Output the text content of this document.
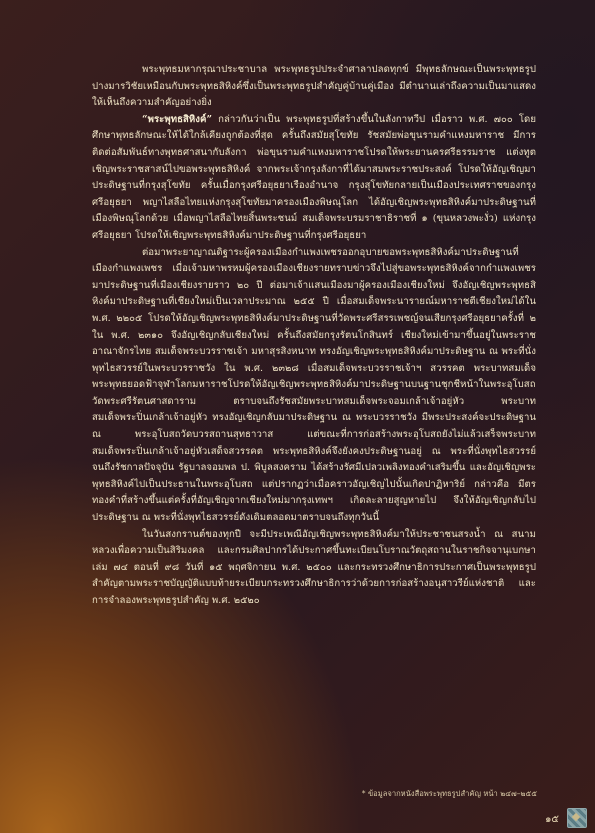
พระพุทธมหากรุณาประชาบาล พระพุทธรูปประจำศาลาปลดทุกข์ มีพุทธลักษณะเป็นพระพุทธรูปปางมารวิชัยเหมือนกับพระพุทธสิหิงค์ซึ่งเป็นพระพุทธรูปสำคัญคู่บ้านคู่เมือง มีตำนานเล่าถึงความเป็นมาแสดงให้เห็นถึงความสำคัญอย่างยิ่ง

“พระพุทธสิหิงค์” กล่าวกันว่าเป็น พระพุทธรูปที่สร้างขึ้นในลังกาทวีป เมื่อราว พ.ศ. ๗๐๐ โดยศึกษาพุทธลักษณะให้ได้ใกล้เคียงถูกต้องที่สุด ครั้นถึงสมัยสุโขทัย รัชสมัยพ่อขุนรามคำแหงมหาราช มีการติดต่อสัมพันธ์ทางพุทธศาสนากับลังกา พ่อขุนรามคำแหงมหาราชโปรดให้พระยานครศรีธรรมราช แต่งทูตเชิญพระราชสาสน์ไปขอพระพุทธสิหิงค์ จากพระเจ้ากรุงลังกาที่ได้มาสมพระราชประสงค์ โปรดให้อัญเชิญมาประดิษฐานที่กรุงสุโขทัย ครั้นเมื่อกรุงศรีอยุธยาเรืองอำนาจ กรุงสุโขทัยกลายเป็นเมืองประเทศราชของกรุงศรีอยุธยา พญาไสลือไทยแห่งกรุงสุโขทัยมาครองเมืองพิษณุโลก ได้อัญเชิญพระพุทธสิหิงค์มาประดิษฐานที่เมืองพิษณุโลกด้วย เมื่อพญาไสลือไทยสิ้นพระชนม์ สมเด็จพระบรมราชาธิราชที่ ๑ (ขุนหลวงพะงั่ว) แห่งกรุงศรีอยุธยา โปรดให้เชิญพระพุทธสิหิงค์มาประดิษฐานที่กรุงศรีอยุธยา

ต่อมาพระยาญาณดิฐาระผู้ครองเมืองกำแพงเพชรออกอุบายขอพระพุทธสิหิงค์มาประดิษฐานที่เมืองกำแพงเพชร เมื่อเจ้ามหาพรหมผู้ครองเมืองเชียงรายทราบข่าวจึงไปสู่ขอพระพุทธสิหิงค์จากกำแพงเพชรมาประดิษฐานที่เมืองเชียงรายราว ๒๐ ปี ต่อมาเจ้าแสนเมืองมาผู้ครองเมืองเชียงใหม่ จึงอัญเชิญพระพุทธสิหิงค์มาประดิษฐานที่เชียงใหม่เป็นเวลาประมาณ ๒๕๕ ปี เมื่อสมเด็จพระนารายณ์มหาราชตีเชียงใหม่ได้ใน พ.ศ. ๒๒๐๕ โปรดให้อัญเชิญพระพุทธสิหิงค์มาประดิษฐานที่วัดพระศรีสรรเพชญ์จนเสียกรุงศรีอยุธยาครั้งที่ ๒ ใน พ.ศ. ๒๓๑๐ จึงอัญเชิญกลับเชียงใหม่ ครั้นถึงสมัยกรุงรัตนโกสินทร์ เชียงใหม่เข้ามาขึ้นอยู่ในพระราชอาณาจักรไทย สมเด็จพระบวรราชเจ้า มหาสุรสิงหนาท ทรงอัญเชิญพระพุทธสิหิงค์มาประดิษฐาน ณ พระที่นั่งพุทไธสวรรย์ในพระบวรราชวัง ใน พ.ศ. ๒๓๒๘ เมื่อสมเด็จพระบวรราชเจ้าฯ สวรรคต พระบาทสมเด็จพระพุทธยอดฟ้าจุฬาโลกมหาราชโปรดให้อัญเชิญพระพุทธสิหิงค์มาประดิษฐานบนฐานชุกชีหน้าในพระอุโบสถวัดพระศรีรัตนศาสดาราม ตราบจนถึงรัชสมัยพระบาทสมเด็จพระจอมเกล้าเจ้าอยู่หัว พระบาทสมเด็จพระปิ่นเกล้าเจ้าอยู่หัว ทรงอัญเชิญกลับมาประดิษฐาน ณ พระบวรราชวัง มีพระประสงค์จะประดิษฐาน ณ พระอุโบสถวัดบวรสถานสุทธาวาส แต่ขณะที่การก่อสร้างพระอุโบสถยังไม่แล้วเสร็จพระบาทสมเด็จพระปิ่นเกล้าเจ้าอยู่หัวเสด็จสวรรคต พระพุทธสิหิงค์จึงยังคงประดิษฐานอยู่ ณ พระที่นั่งพุทไธสวรรย์จนถึงรัชกาลปัจจุบัน รัฐบาลจอมพล ป. พิบูลสงคราม ได้สร้างรัศมีเปลวเพลิงทองคำเสริมขึ้น และอัญเชิญพระพุทธสิหิงค์ไปเป็นประธานในพระอุโบสถ แต่ปรากฏว่าเมื่อคราวอัญเชิญไปนั้นเกิดปาฏิหาริย์ กล่าวคือ มีตรทองคำที่สร้างขึ้นแต่ครั้งที่อัญเชิญจากเชียงใหม่มากรุงเทพฯ เกิดละลายสูญหายไป จึงให้อัญเชิญกลับไปประดิษฐาน ณ พระที่นั่งพุทไธสวรรย์ดังเดิมตลอดมาตราบจนถึงทุกวันนี้

ในวันสงกรานต์ของทุกปี จะมีประเพณีอัญเชิญพระพุทธสิหิงค์มาให้ประชาชนสรงน้ำ ณ สนามหลวงเพื่อความเป็นสิริมงคล และกรมศิลปากรได้ประกาศขึ้นทะเบียนโบราณวัตถุสถานในราชกิจจานุเบกษาเล่ม ๗๔ ตอนที่ ๙๘ วันที่ ๑๕ พฤศจิกายน พ.ศ. ๒๕๐๐ และกระทรวงศึกษาธิการประกาศเป็นพระพุทธรูปสำคัญตามพระราชบัญญัติแบบท้ายระเบียบกระทรวงศึกษาธิการว่าด้วยการก่อสร้างอนุสาวรีย์แห่งชาติ และการจำลองพระพุทธรูปสำคัญ พ.ศ. ๒๕๒๐

* ข้อมูลจากหนังสือพระพุทธรูปสำคัญ หน้า ๒๔๗–๒๕๕
๑๕
